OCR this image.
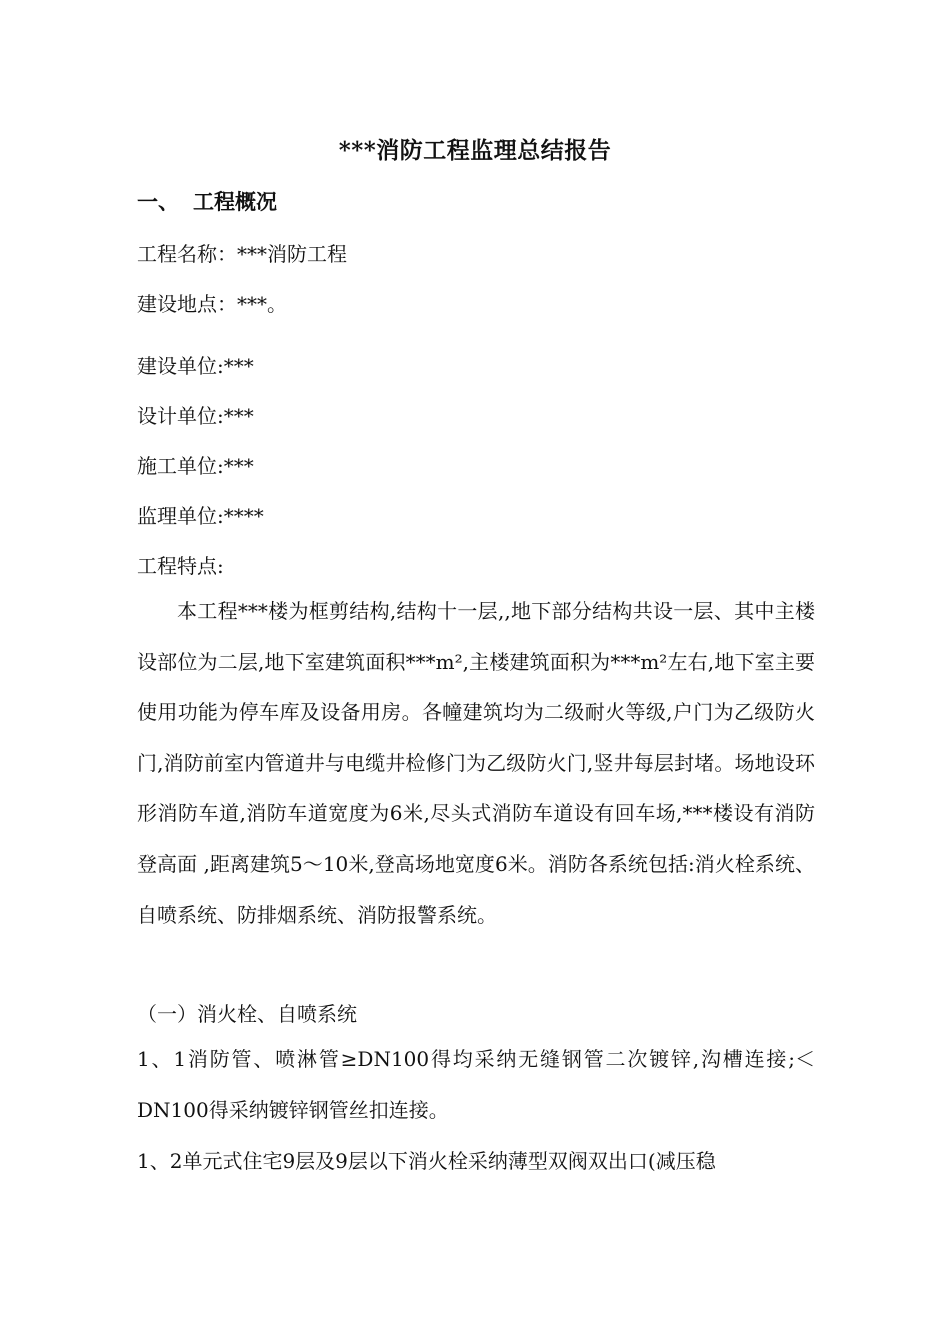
***消防工程监理总结报告
一、 工程概况
工程名称：***消防工程
建设地点：***。
建设单位:***
设计单位:***
施工单位:***
监理单位:****
工程特点:
本工程***楼为框剪结构,结构十一层,,地下部分结构共设一层、其中主楼设部位为二层,地下室建筑面积***m²,主楼建筑面积为***m²左右,地下室主要使用功能为停车库及设备用房。各幢建筑均为二级耐火等级,户门为乙级防火门,消防前室内管道井与电缆井检修门为乙级防火门,竖井每层封堵。场地设环形消防车道,消防车道宽度为6米,尽头式消防车道设有回车场,***楼设有消防登高面 ,距离建筑5～10米,登高场地宽度6米。消防各系统包括:消火栓系统、自喷系统、防排烟系统、消防报警系统。
（一）消火栓、自喷系统
1、1消防管、喷淋管≥DN100得均采纳无缝钢管二次镀锌,沟槽连接;＜DN100得采纳镀锌钢管丝扣连接。
1、2单元式住宅9层及9层以下消火栓采纳薄型双阀双出口(减压稳
